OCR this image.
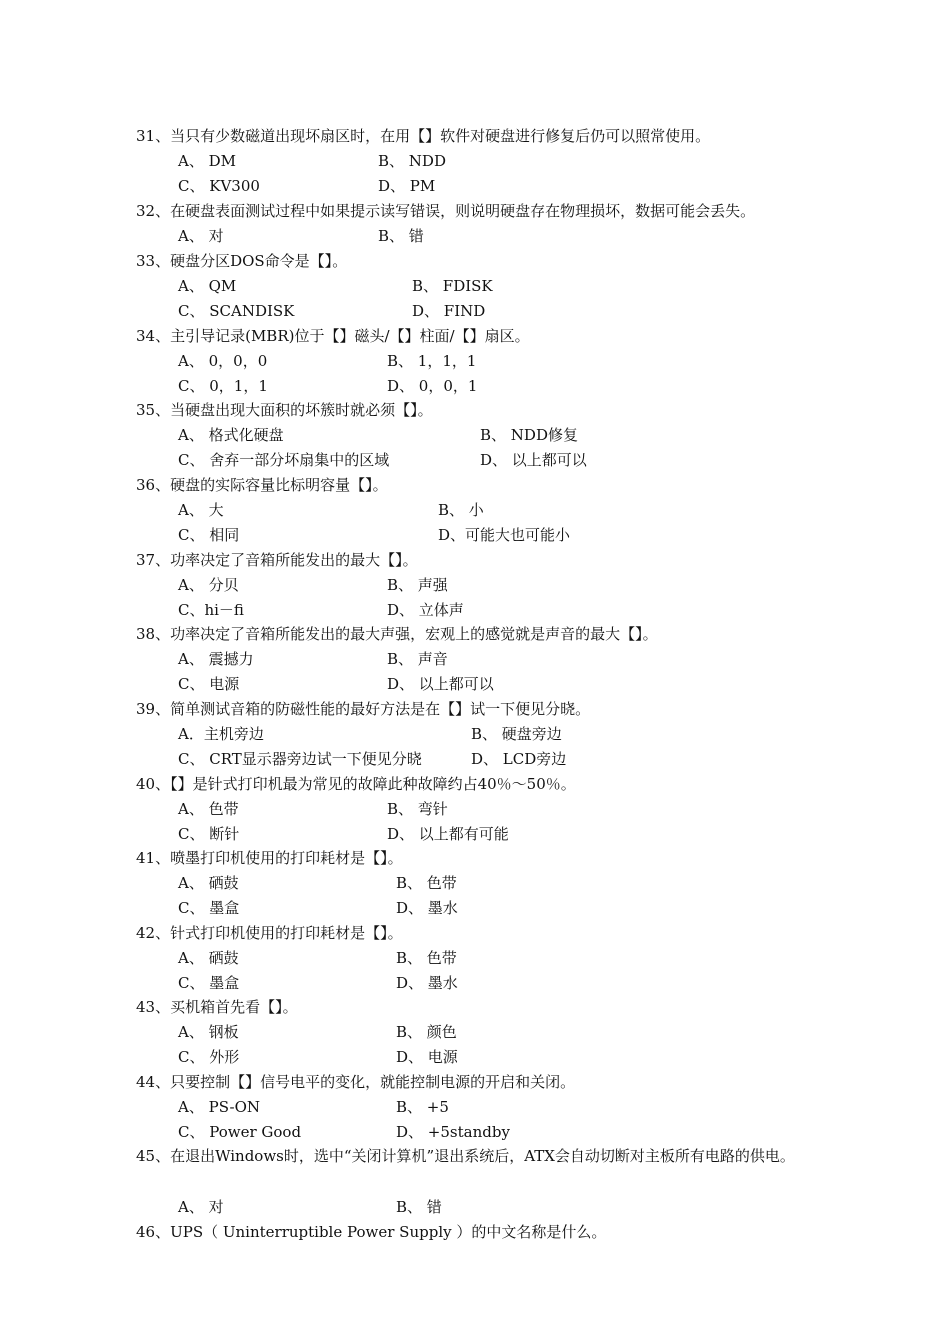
31、当只有少数磁道出现坏扇区时，在用【】软件对硬盘进行修复后仍可以照常使用。
A、 DM	B、 NDD
C、 KV300	D、 PM
32、在硬盘表面测试过程中如果提示读写错误，则说明硬盘存在物理损坏，数据可能会丢失。
A、 对	B、 错
33、硬盘分区DOS命令是【】。
A、 QM	B、 FDISK
C、 SCANDISK	D、 FIND
34、主引导记录(MBR)位于【】磁头/【】柱面/【】扇区。
A、 0，0，0	B、 1，1，1
C、 0，1，1	D、 0，0，1
35、当硬盘出现大面积的坏簇时就必须【】。
A、 格式化硬盘	B、 NDD修复
C、 舍弃一部分坏扇集中的区域	D、 以上都可以
36、硬盘的实际容量比标明容量【】。
A、 大	B、 小
C、 相同	D、可能大也可能小
37、功率决定了音箱所能发出的最大【】。
A、 分贝	B、 声强
C、hi－fi	D、 立体声
38、功率决定了音箱所能发出的最大声强，宏观上的感觉就是声音的最大【】。
A、 震撼力	B、 声音
C、 电源	D、 以上都可以
39、简单测试音箱的防磁性能的最好方法是在【】试一下便见分晓。
A．主机旁边	B、 硬盘旁边
C、 CRT显示器旁边试一下便见分晓	D、 LCD旁边
40、【】是针式打印机最为常见的故障此种故障约占40％～50％。
A、 色带	B、 弯针
C、 断针	D、 以上都有可能
41、喷墨打印机使用的打印耗材是【】。
A、 硒鼓	B、 色带
C、 墨盒	D、 墨水
42、针式打印机使用的打印耗材是【】。
A、 硒鼓	B、 色带
C、 墨盒	D、 墨水
43、买机箱首先看【】。
A、 钢板	B、 颜色
C、 外形	D、 电源
44、只要控制【】信号电平的变化，就能控制电源的开启和关闭。
A、 PS-ON	B、 +5
C、 Power Good	D、 +5standby
45、在退出Windows时，选中“关闭计算机”退出系统后，ATX会自动切断对主板所有电路的供电。
A、 对	B、 错
46、UPS（ Uninterruptible Power Supply ）的中文名称是什么。
